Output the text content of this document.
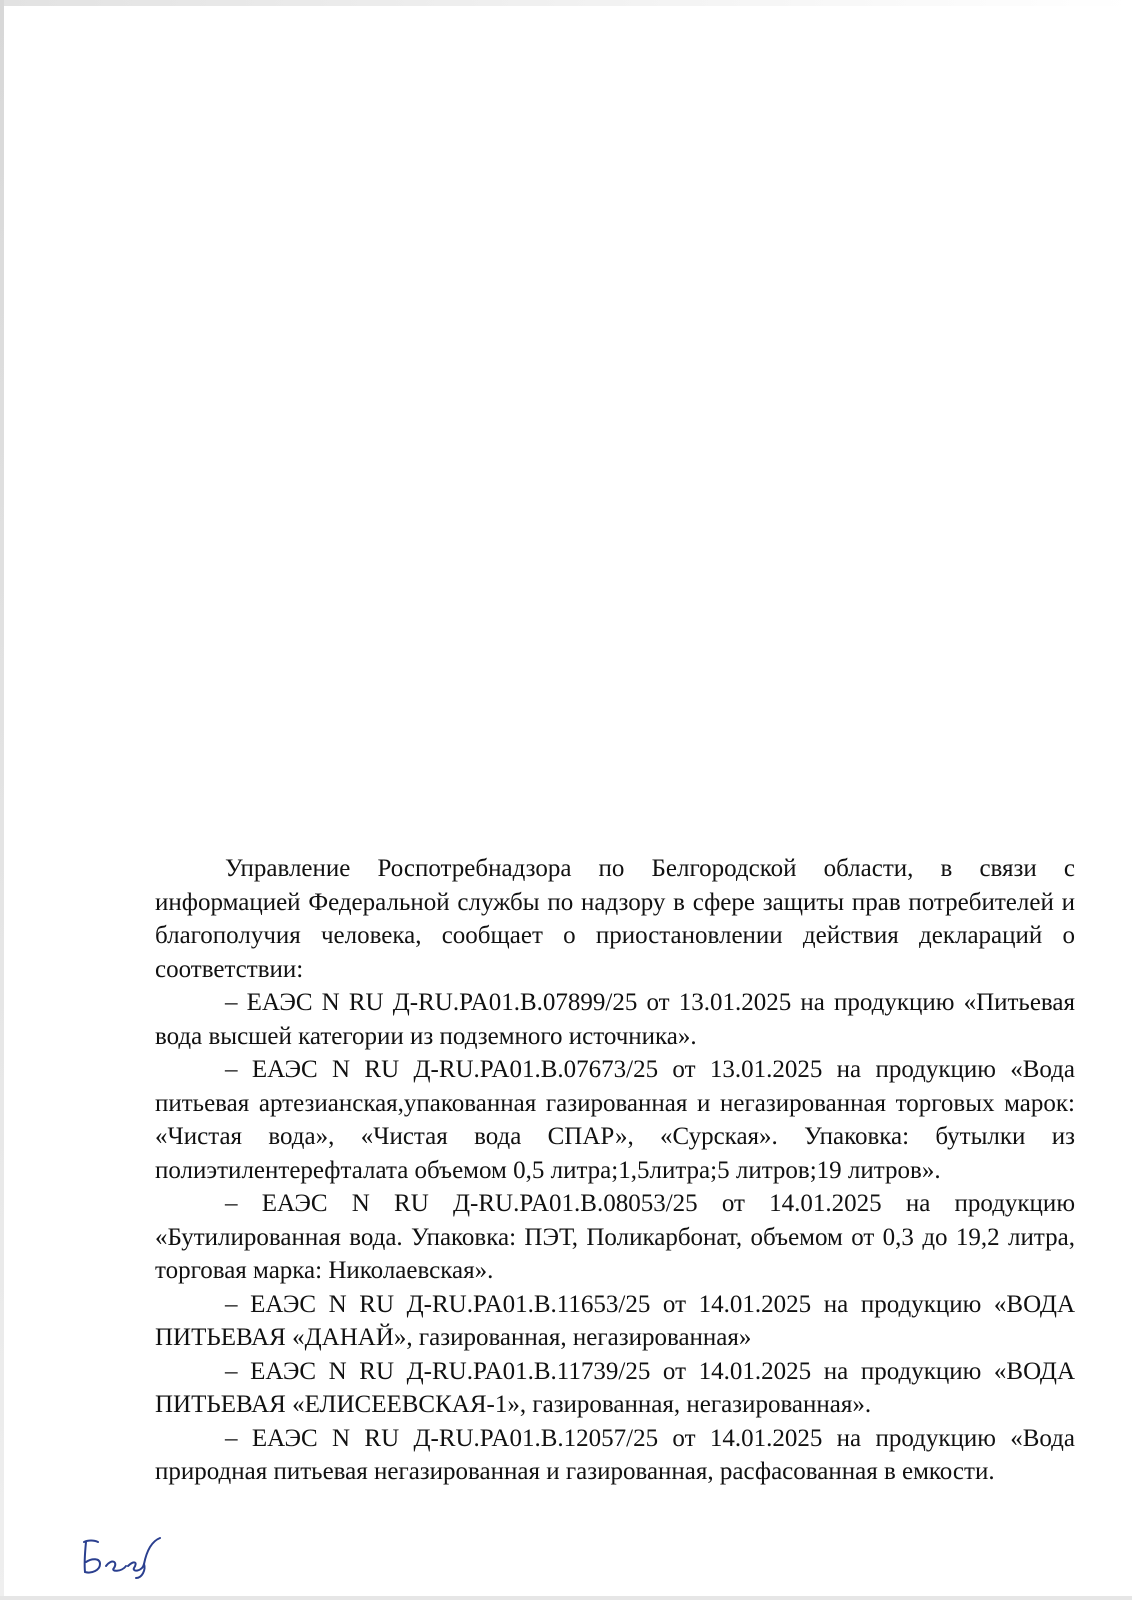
Управление Роспотребнадзора по Белгородской области, в связи с информацией Федеральной службы по надзору в сфере защиты прав потребителей и благополучия человека, сообщает о приостановлении действия деклараций о соответствии:

– ЕАЭС N RU Д-RU.PA01.B.07899/25 от 13.01.2025 на продукцию «Питьевая вода высшей категории из подземного источника».

– ЕАЭС N RU Д-RU.PA01.B.07673/25 от 13.01.2025 на продукцию «Вода питьевая артезианская,упакованная газированная и негазированная торговых марок: «Чистая вода», «Чистая вода СПАР», «Сурская». Упаковка: бутылки из полиэтилентерефталата объемом 0,5 литра;1,5литра;5 литров;19 литров».

– ЕАЭС N RU Д-RU.PA01.B.08053/25 от 14.01.2025 на продукцию «Бутилированная вода. Упаковка: ПЭТ, Поликарбонат, объемом от 0,3 до 19,2 литра, торговая марка: Николаевская».

– ЕАЭС N RU Д-RU.PA01.B.11653/25 от 14.01.2025 на продукцию «ВОДА ПИТЬЕВАЯ «ДАНАЙ», газированная, негазированная»

– ЕАЭС N RU Д-RU.PA01.B.11739/25 от 14.01.2025 на продукцию «ВОДА ПИТЬЕВАЯ «ЕЛИСЕЕВСКАЯ-1», газированная, негазированная».

– ЕАЭС N RU Д-RU.PA01.B.12057/25 от 14.01.2025 на продукцию «Вода природная питьевая негазированная и газированная, расфасованная в емкости.
